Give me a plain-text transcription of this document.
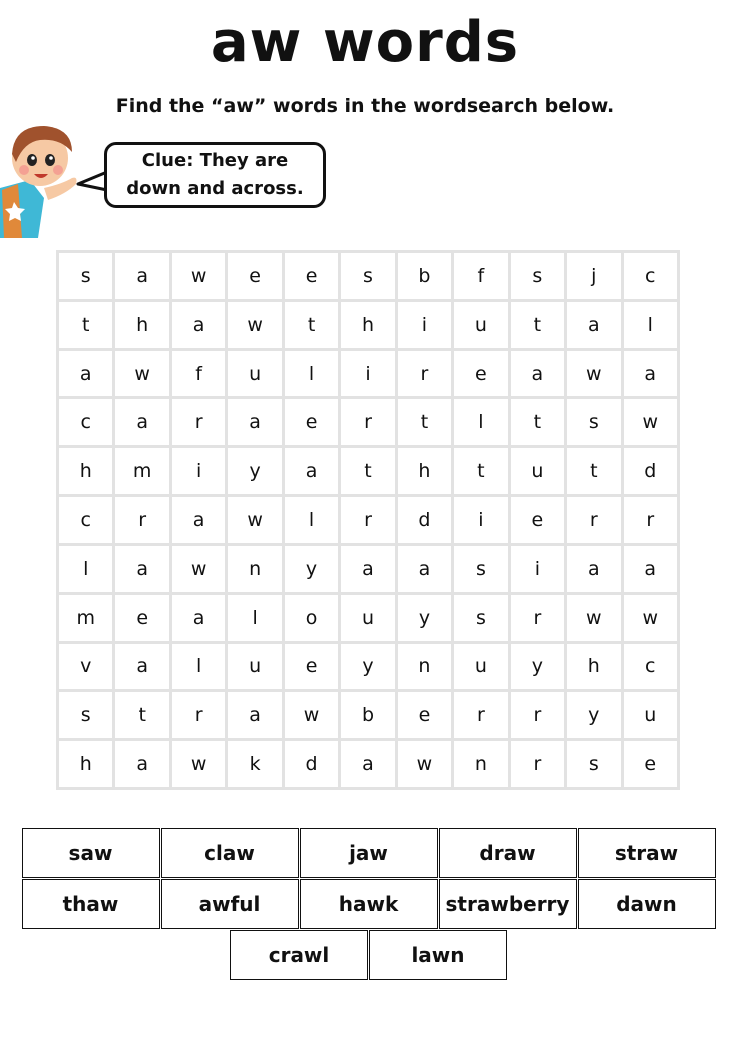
aw words
Find the “aw” words in the wordsearch below.
Clue: They are
down and across.
s	a	w	e	e	s	b	f	s	j	c
t	h	a	w	t	h	i	u	t	a	l
a	w	f	u	l	i	r	e	a	w	a
c	a	r	a	e	r	t	l	t	s	w
h	m	i	y	a	t	h	t	u	t	d
c	r	a	w	l	r	d	i	e	r	r
l	a	w	n	y	a	a	s	i	a	a
m	e	a	l	o	u	y	s	r	w	w
v	a	l	u	e	y	n	u	y	h	c
s	t	r	a	w	b	e	r	r	y	u
h	a	w	k	d	a	w	n	r	s	e
saw	claw	jaw	draw	straw
thaw	awful	hawk	strawberry	dawn
crawl	lawn
